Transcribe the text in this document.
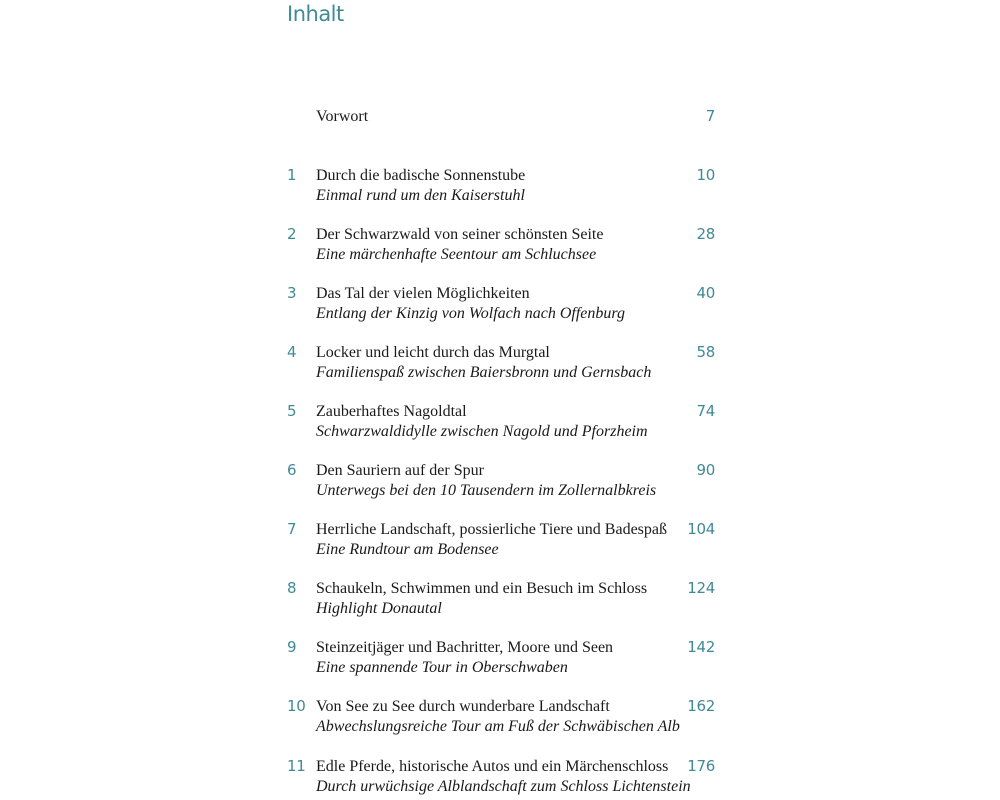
Inhalt
Vorwort	7
1 Durch die badische Sonnenstube
Einmal rund um den Kaiserstuhl
10
2 Der Schwarzwald von seiner schönsten Seite
Eine märchenhafte Seentour am Schluchsee
28
3 Das Tal der vielen Möglichkeiten
Entlang der Kinzig von Wolfach nach Offenburg
40
4 Locker und leicht durch das Murgtal
Familienspaß zwischen Baiersbronn und Gernsbach
58
5 Zauberhaftes Nagoldtal
Schwarzwaldidylle zwischen Nagold und Pforzheim
74
6 Den Sauriern auf der Spur
Unterwegs bei den 10 Tausendern im Zollernalbkreis
90
7 Herrliche Landschaft, possierliche Tiere und Badespaß
Eine Rundtour am Bodensee
104
8 Schaukeln, Schwimmen und ein Besuch im Schloss
Highlight Donautal
124
9 Steinzeitjäger und Bachritter, Moore und Seen
Eine spannende Tour in Oberschwaben
142
10 Von See zu See durch wunderbare Landschaft
Abwechslungsreiche Tour am Fuß der Schwäbischen Alb
162
11 Edle Pferde, historische Autos und ein Märchenschloss
Durch urwüchsige Alblandschaft zum Schloss Lichtenstein
176
